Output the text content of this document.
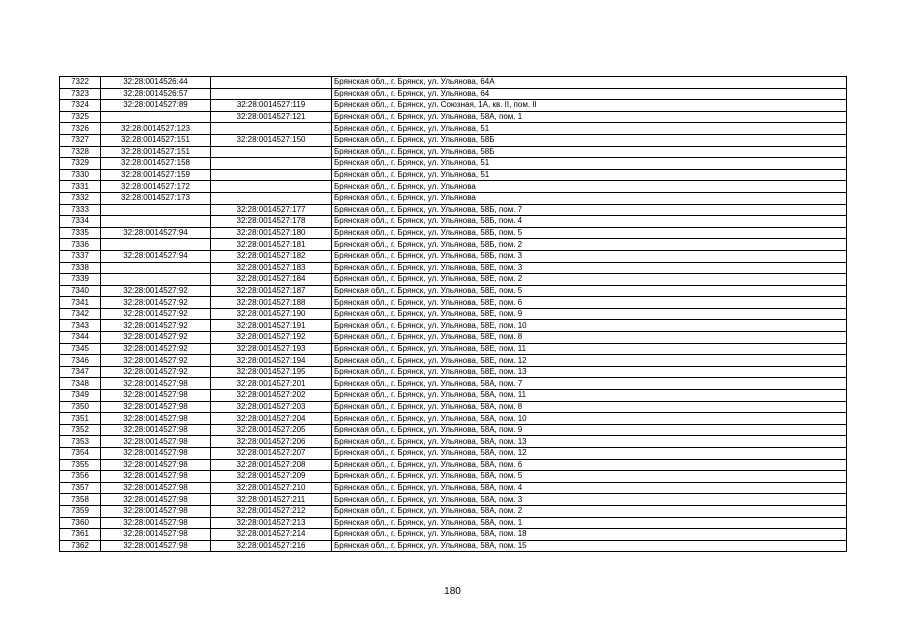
7322	32:28:0014526:44		Брянская обл., г. Брянск, ул. Ульянова, 64А
7323	32:28:0014526:57		Брянская обл., г. Брянск, ул. Ульянова, 64
7324	32:28:0014527:89	32:28:0014527:119	Брянская обл., г. Брянск, ул. Союзная, 1А, кв. II, пом. II
7325		32:28:0014527:121	Брянская обл., г. Брянск, ул. Ульянова, 58А, пом. 1
7326	32:28:0014527:123		Брянская обл., г. Брянск, ул. Ульянова, 51
7327	32:28:0014527:151	32:28:0014527:150	Брянская обл., г. Брянск, ул. Ульянова, 58Б
7328	32:28:0014527:151		Брянская обл., г. Брянск, ул. Ульянова, 58Б
7329	32:28:0014527:158		Брянская обл., г. Брянск, ул. Ульянова, 51
7330	32:28:0014527:159		Брянская обл., г. Брянск, ул. Ульянова, 51
7331	32:28:0014527:172		Брянская обл., г. Брянск, ул. Ульянова
7332	32:28:0014527:173		Брянская обл., г. Брянск, ул. Ульянова
7333		32:28:0014527:177	Брянская обл., г. Брянск, ул. Ульянова, 58Б, пом. 7
7334		32:28:0014527:178	Брянская обл., г. Брянск, ул. Ульянова, 58Б, пом. 4
7335	32:28:0014527:94	32:28:0014527:180	Брянская обл., г. Брянск, ул. Ульянова, 58Б, пом. 5
7336		32:28:0014527:181	Брянская обл., г. Брянск, ул. Ульянова, 58Б, пом. 2
7337	32:28:0014527:94	32:28:0014527:182	Брянская обл., г. Брянск, ул. Ульянова, 58Б, пом. 3
7338		32:28:0014527:183	Брянская обл., г. Брянск, ул. Ульянова, 58Е, пом. 3
7339		32:28:0014527:184	Брянская обл., г. Брянск, ул. Ульянова, 58Е, пом. 2
7340	32:28:0014527:92	32:28:0014527:187	Брянская обл., г. Брянск, ул. Ульянова, 58Е, пом. 5
7341	32:28:0014527:92	32:28:0014527:188	Брянская обл., г. Брянск, ул. Ульянова, 58Е, пом. 6
7342	32:28:0014527:92	32:28:0014527:190	Брянская обл., г. Брянск, ул. Ульянова, 58Е, пом. 9
7343	32:28:0014527:92	32:28:0014527:191	Брянская обл., г. Брянск, ул. Ульянова, 58Е, пом. 10
7344	32:28:0014527:92	32:28:0014527:192	Брянская обл., г. Брянск, ул. Ульянова, 58Е, пом. 8
7345	32:28:0014527:92	32:28:0014527:193	Брянская обл., г. Брянск, ул. Ульянова, 58Е, пом. 11
7346	32:28:0014527:92	32:28:0014527:194	Брянская обл., г. Брянск, ул. Ульянова, 58Е, пом. 12
7347	32:28:0014527:92	32:28:0014527:195	Брянская обл., г. Брянск, ул. Ульянова, 58Е, пом. 13
7348	32:28:0014527:98	32:28:0014527:201	Брянская обл., г. Брянск, ул. Ульянова, 58А, пом. 7
7349	32:28:0014527:98	32:28:0014527:202	Брянская обл., г. Брянск, ул. Ульянова, 58А, пом. 11
7350	32:28:0014527:98	32:28:0014527:203	Брянская обл., г. Брянск, ул. Ульянова, 58А, пом. 8
7351	32:28:0014527:98	32:28:0014527:204	Брянская обл., г. Брянск, ул. Ульянова, 58А, пом. 10
7352	32:28:0014527:98	32:28:0014527:205	Брянская обл., г. Брянск, ул. Ульянова, 58А, пом. 9
7353	32:28:0014527:98	32:28:0014527:206	Брянская обл., г. Брянск, ул. Ульянова, 58А, пом. 13
7354	32:28:0014527:98	32:28:0014527:207	Брянская обл., г. Брянск, ул. Ульянова, 58А, пом. 12
7355	32:28:0014527:98	32:28:0014527:208	Брянская обл., г. Брянск, ул. Ульянова, 58А, пом. 6
7356	32:28:0014527:98	32:28:0014527:209	Брянская обл., г. Брянск, ул. Ульянова, 58А, пом. 5
7357	32:28:0014527:98	32:28:0014527:210	Брянская обл., г. Брянск, ул. Ульянова, 58А, пом. 4
7358	32:28:0014527:98	32:28:0014527:211	Брянская обл., г. Брянск, ул. Ульянова, 58А, пом. 3
7359	32:28:0014527:98	32:28:0014527:212	Брянская обл., г. Брянск, ул. Ульянова, 58А, пом. 2
7360	32:28:0014527:98	32:28:0014527:213	Брянская обл., г. Брянск, ул. Ульянова, 58А, пом. 1
7361	32:28:0014527:98	32:28:0014527:214	Брянская обл., г. Брянск, ул. Ульянова, 58А, пом. 18
7362	32:28:0014527:98	32:28:0014527:216	Брянская обл., г. Брянск, ул. Ульянова, 58А, пом. 15
180
